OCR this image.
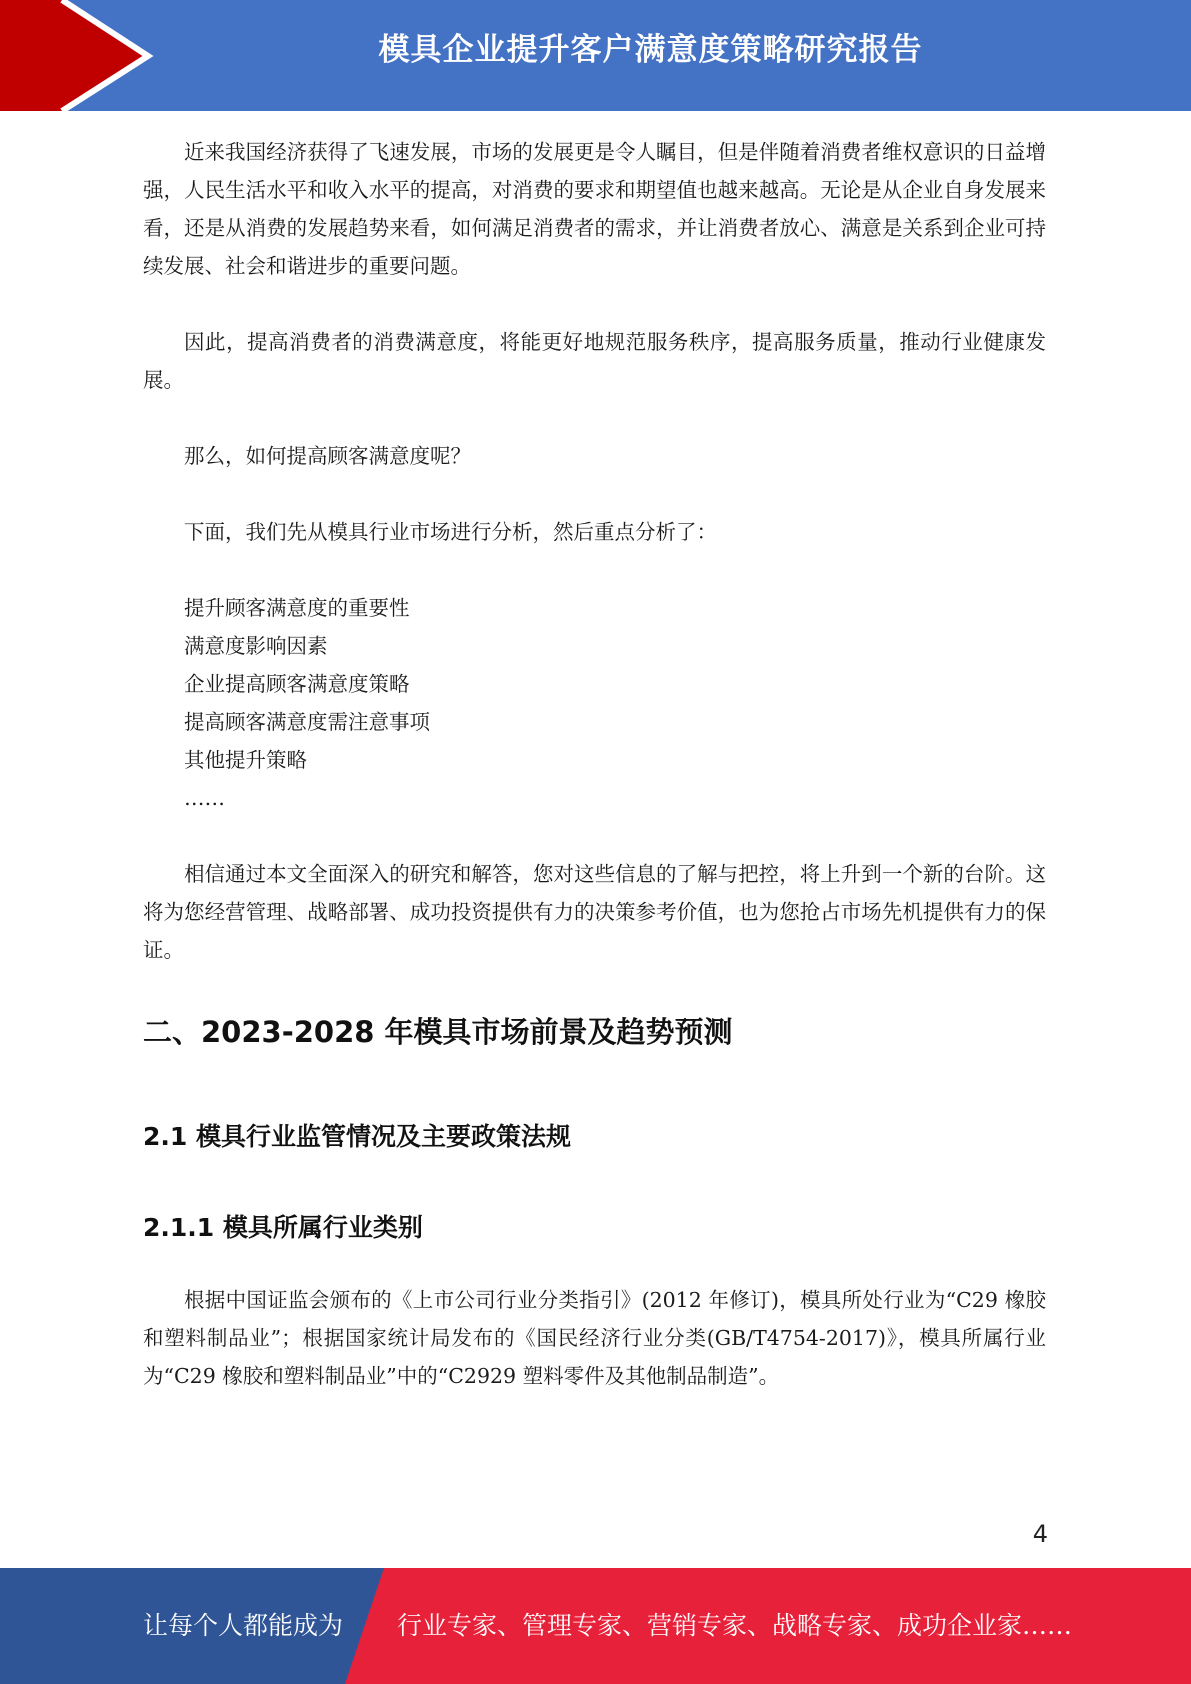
模具企业提升客户满意度策略研究报告

近来我国经济获得了飞速发展，市场的发展更是令人瞩目，但是伴随着消费者维权意识的日益增强，人民生活水平和收入水平的提高，对消费的要求和期望值也越来越高。无论是从企业自身发展来看，还是从消费的发展趋势来看，如何满足消费者的需求，并让消费者放心、满意是关系到企业可持续发展、社会和谐进步的重要问题。

因此，提高消费者的消费满意度，将能更好地规范服务秩序，提高服务质量，推动行业健康发展。

那么，如何提高顾客满意度呢？

下面，我们先从模具行业市场进行分析，然后重点分析了：

提升顾客满意度的重要性
满意度影响因素
企业提高顾客满意度策略
提高顾客满意度需注意事项
其他提升策略
……

相信通过本文全面深入的研究和解答，您对这些信息的了解与把控，将上升到一个新的台阶。这将为您经营管理、战略部署、成功投资提供有力的决策参考价值，也为您抢占市场先机提供有力的保证。

二、2023-2028 年模具市场前景及趋势预测
2.1 模具行业监管情况及主要政策法规
2.1.1 模具所属行业类别

根据中国证监会颁布的《上市公司行业分类指引》(2012 年修订)，模具所处行业为“C29 橡胶和塑料制品业”；根据国家统计局发布的《国民经济行业分类(GB/T4754-2017)》，模具所属行业为“C29 橡胶和塑料制品业”中的“C2929 塑料零件及其他制品制造”。

4
让每个人都能成为 行业专家、管理专家、营销专家、战略专家、成功企业家……
